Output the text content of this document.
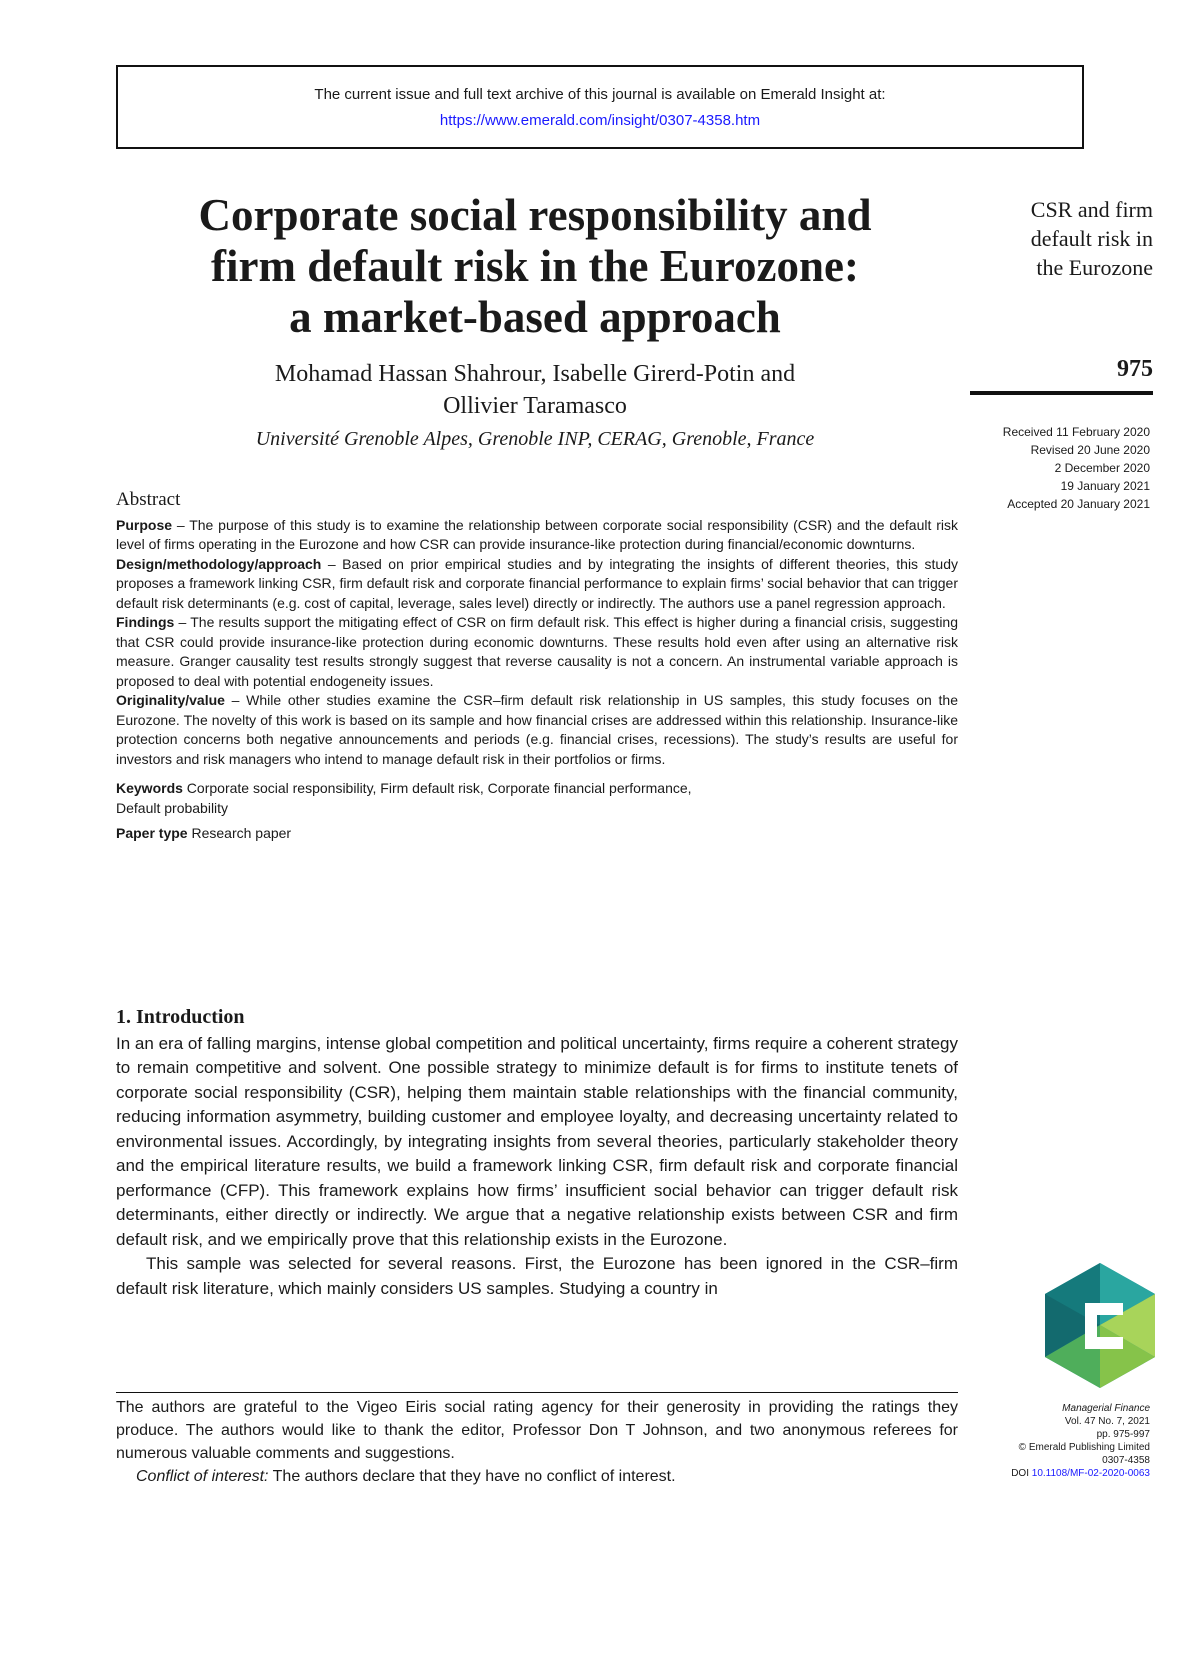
The current issue and full text archive of this journal is available on Emerald Insight at:
https://www.emerald.com/insight/0307-4358.htm
Corporate social responsibility and
firm default risk in the Eurozone:
a market-based approach
Mohamad Hassan Shahrour, Isabelle Girerd-Potin and
Ollivier Taramasco
Université Grenoble Alpes, Grenoble INP, CERAG, Grenoble, France
CSR and firm
default risk in
the Eurozone
975
Received 11 February 2020
Revised 20 June 2020
2 December 2020
19 January 2021
Accepted 20 January 2021
Abstract

Purpose – The purpose of this study is to examine the relationship between corporate social responsibility (CSR) and the default risk level of firms operating in the Eurozone and how CSR can provide insurance-like protection during financial/economic downturns.

Design/methodology/approach – Based on prior empirical studies and by integrating the insights of different theories, this study proposes a framework linking CSR, firm default risk and corporate financial performance to explain firms’ social behavior that can trigger default risk determinants (e.g. cost of capital, leverage, sales level) directly or indirectly. The authors use a panel regression approach.

Findings – The results support the mitigating effect of CSR on firm default risk. This effect is higher during a financial crisis, suggesting that CSR could provide insurance-like protection during economic downturns. These results hold even after using an alternative risk measure. Granger causality test results strongly suggest that reverse causality is not a concern. An instrumental variable approach is proposed to deal with potential endogeneity issues.

Originality/value – While other studies examine the CSR–firm default risk relationship in US samples, this study focuses on the Eurozone. The novelty of this work is based on its sample and how financial crises are addressed within this relationship. Insurance-like protection concerns both negative announcements and periods (e.g. financial crises, recessions). The study’s results are useful for investors and risk managers who intend to manage default risk in their portfolios or firms.

Keywords Corporate social responsibility, Firm default risk, Corporate financial performance,
Default probability

Paper type Research paper

1. Introduction

In an era of falling margins, intense global competition and political uncertainty, firms require a coherent strategy to remain competitive and solvent. One possible strategy to minimize default is for firms to institute tenets of corporate social responsibility (CSR), helping them maintain stable relationships with the financial community, reducing information asymmetry, building customer and employee loyalty, and decreasing uncertainty related to environmental issues. Accordingly, by integrating insights from several theories, particularly stakeholder theory and the empirical literature results, we build a framework linking CSR, firm default risk and corporate financial performance (CFP). This framework explains how firms’ insufficient social behavior can trigger default risk determinants, either directly or indirectly. We argue that a negative relationship exists between CSR and firm default risk, and we empirically prove that this relationship exists in the Eurozone.

This sample was selected for several reasons. First, the Eurozone has been ignored in the CSR–firm default risk literature, which mainly considers US samples. Studying a country in

The authors are grateful to the Vigeo Eiris social rating agency for their generosity in providing the ratings they produce. The authors would like to thank the editor, Professor Don T Johnson, and two anonymous referees for numerous valuable comments and suggestions.

Conflict of interest: The authors declare that they have no conflict of interest.

Managerial Finance
Vol. 47 No. 7, 2021
pp. 975-997
© Emerald Publishing Limited
0307-4358
DOI 10.1108/MF-02-2020-0063
